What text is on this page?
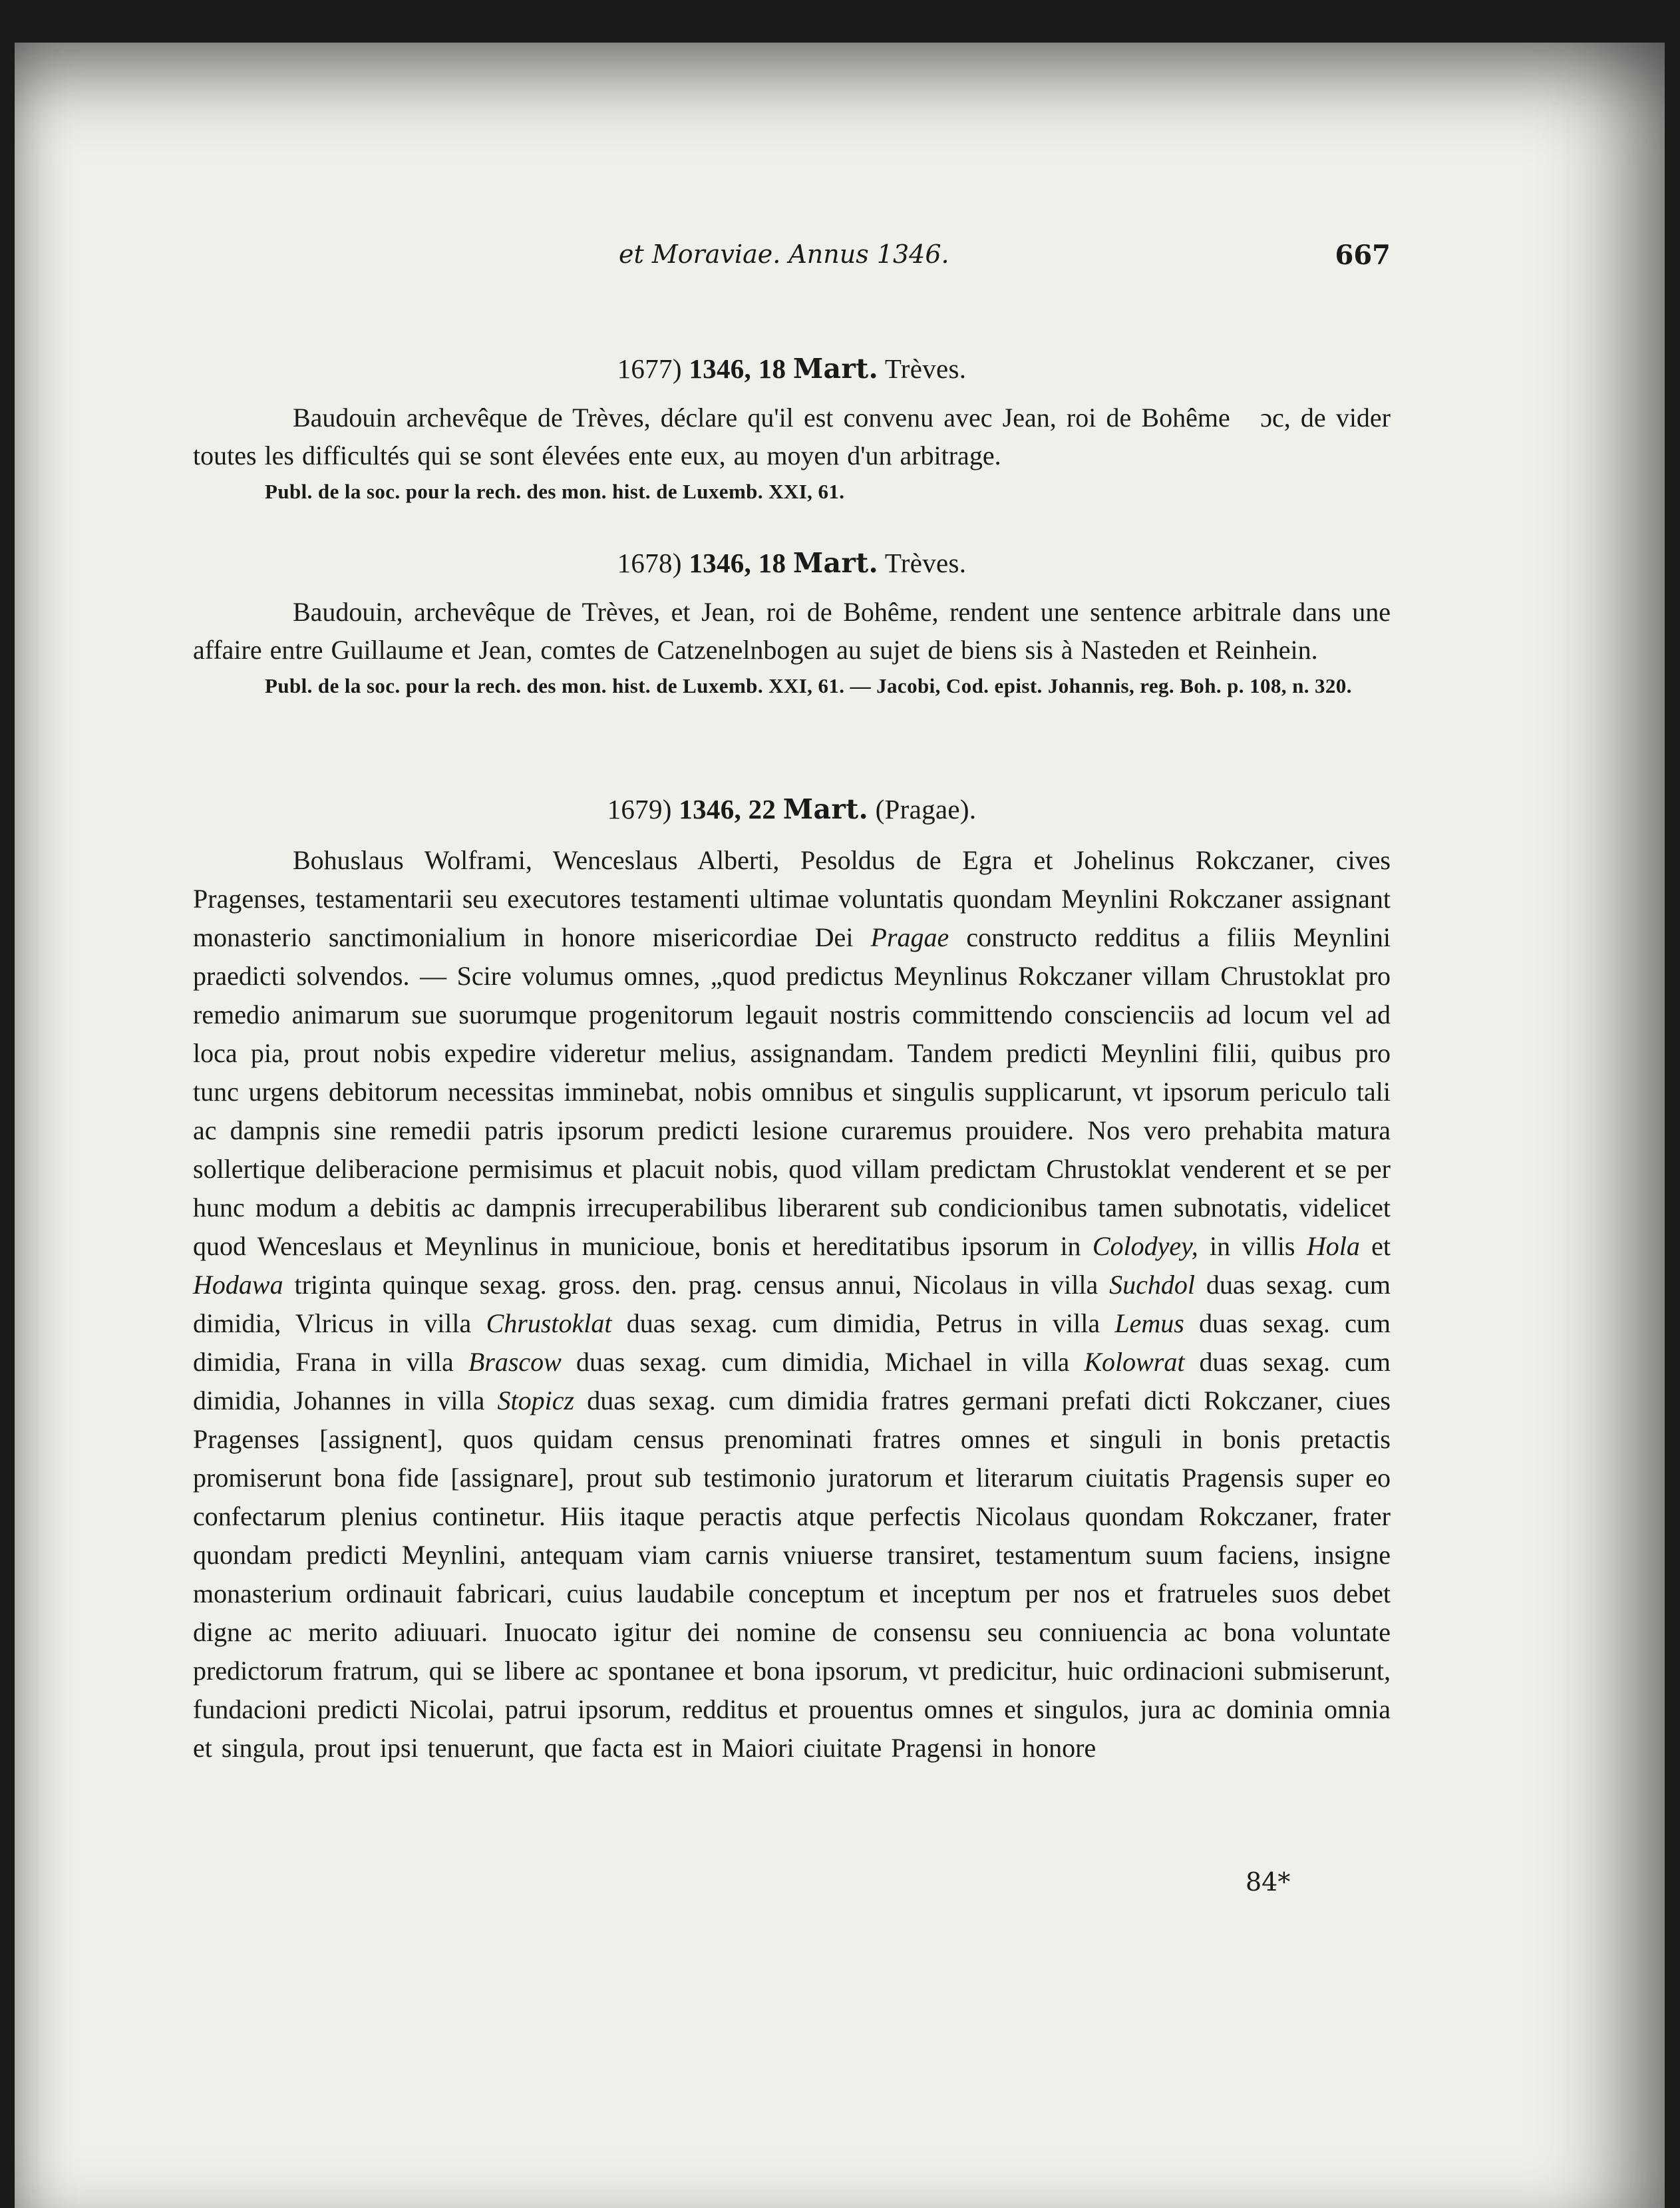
et Moraviae. Annus 1346.	667
1677) 1346, 18 Mart. Trèves.

Baudouin archevêque de Trèves, déclare qu'il est convenu avec Jean, roi de Bohême   ɔc, de vider toutes les difficultés qui se sont élevées ente eux, au moyen d'un arbitrage.

Publ. de la soc. pour la rech. des mon. hist. de Luxemb. XXI, 61.

1678) 1346, 18 Mart. Trèves.

Baudouin, archevêque de Trèves, et Jean, roi de Bohême, rendent une sentence arbitrale dans une affaire entre Guillaume et Jean, comtes de Catzenelnbogen au sujet de biens sis à Nasteden et Reinhein.

Publ. de la soc. pour la rech. des mon. hist. de Luxemb. XXI, 61. — Jacobi, Cod. epist. Johannis, reg. Boh. p. 108, n. 320.

1679) 1346, 22 Mart. (Pragae).

Bohuslaus Wolframi, Wenceslaus Alberti, Pesoldus de Egra et Johelinus Rokczaner, cives Pragenses, testamentarii seu executores testamenti ultimae voluntatis quondam Meynlini Rokczaner assignant monasterio sanctimonialium in honore misericordiae Dei Pragae constructo redditus a filiis Meynlini praedicti solvendos. — Scire volumus omnes, „quod predictus Meynlinus Rokczaner villam Chrustoklat pro remedio animarum sue suorumque progenitorum legauit nostris committendo conscienciis ad locum vel ad loca pia, prout nobis expedire videretur melius, assignandam. Tandem predicti Meynlini filii, quibus pro tunc urgens debitorum necessitas imminebat, nobis omnibus et singulis supplicarunt, vt ipsorum periculo tali ac dampnis sine remedii patris ipsorum predicti lesione curaremus prouidere. Nos vero prehabita matura sollertique deliberacione permisimus et placuit nobis, quod villam predictam Chrustoklat venderent et se per hunc modum a debitis ac dampnis irrecuperabilibus liberarent sub condicionibus tamen subnotatis, videlicet quod Wenceslaus et Meynlinus in municioue, bonis et hereditatibus ipsorum in Colodyey, in villis Hola et Hodawa triginta quinque sexag. gross. den. prag. census annui, Nicolaus in villa Suchdol duas sexag. cum dimidia, Vlricus in villa Chrustoklat duas sexag. cum dimidia, Petrus in villa Lemus duas sexag. cum dimidia, Frana in villa Brascow duas sexag. cum dimidia, Michael in villa Kolowrat duas sexag. cum dimidia, Johannes in villa Stopicz duas sexag. cum dimidia fratres germani prefati dicti Rokczaner, ciues Pragenses [assignent], quos quidam census prenominati fratres omnes et singuli in bonis pretactis promiserunt bona fide [assignare], prout sub testimonio juratorum et literarum ciuitatis Pragensis super eo confectarum plenius continetur. Hiis itaque peractis atque perfectis Nicolaus quondam Rokczaner, frater quondam predicti Meynlini, antequam viam carnis vniuerse transiret, testamentum suum faciens, insigne monasterium ordinauit fabricari, cuius laudabile conceptum et inceptum per nos et fratrueles suos debet digne ac merito adiuuari. Inuocato igitur dei nomine de consensu seu conniuencia ac bona voluntate predictorum fratrum, qui se libere ac spontanee et bona ipsorum, vt predicitur, huic ordinacioni submiserunt, fundacioni predicti Nicolai, patrui ipsorum, redditus et prouentus omnes et singulos, jura ac dominia omnia et singula, prout ipsi tenuerunt, que facta est in Maiori ciuitate Pragensi in honore

84*
